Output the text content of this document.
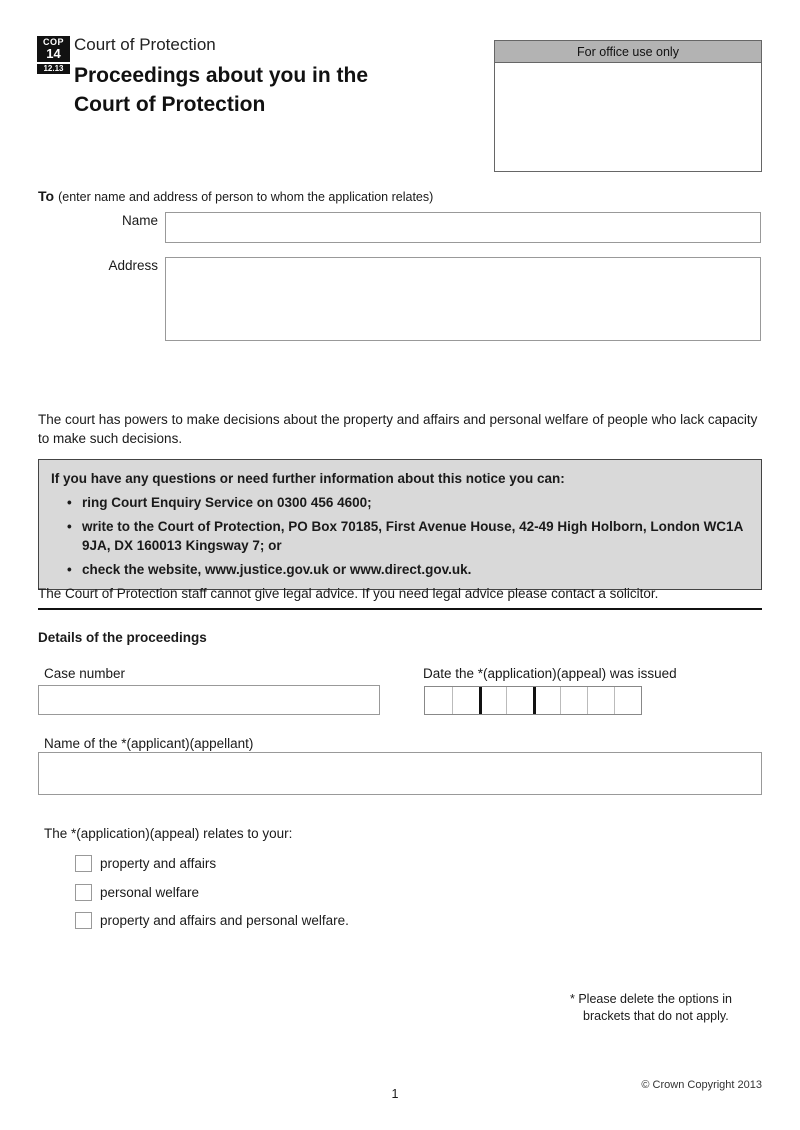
COP
14
12.13
Court of Protection
Proceedings about you in the
Court of Protection
For office use only
To (enter name and address of person to whom the application relates)
Name
Address
The court has powers to make decisions about the property and affairs and personal welfare of people who lack capacity to make such decisions.
If you have any questions or need further information about this notice you can:
• ring Court Enquiry Service on 0300 456 4600;
• write to the Court of Protection, PO Box 70185, First Avenue House, 42-49 High Holborn, London WC1A 9JA, DX 160013 Kingsway 7; or
• check the website, www.justice.gov.uk or www.direct.gov.uk.
The Court of Protection staff cannot give legal advice. If you need legal advice please contact a solicitor.
Details of the proceedings
Case number	Date the *(application)(appeal) was issued
Name of the *(applicant)(appellant)
The *(application)(appeal) relates to your:
property and affairs
personal welfare
property and affairs and personal welfare.
* Please delete the options in
brackets that do not apply.
1
© Crown Copyright 2013
